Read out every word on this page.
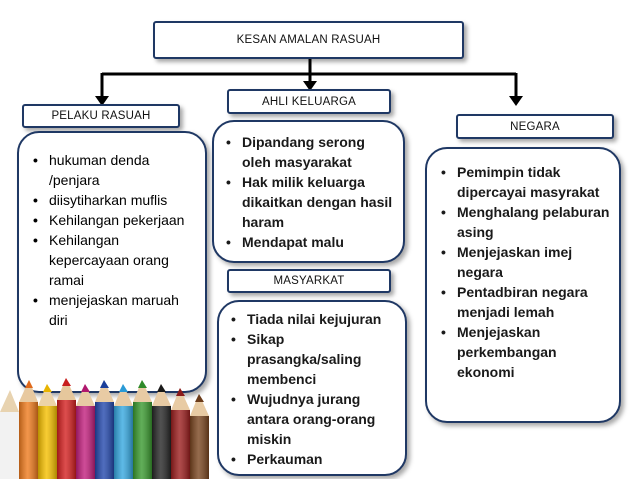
KESAN AMALAN RASUAH
PELAKU RASUAH
• hukuman denda /penjara
• diisytiharkan muflis
• Kehilangan pekerjaan
• Kehilangan kepercayaan orang ramai
• menjejaskan maruah diri
AHLI KELUARGA
• Dipandang serong oleh masyarakat
• Hak milik keluarga dikaitkan dengan hasil haram
• Mendapat malu
MASYARKAT
• Tiada nilai kejujuran
• Sikap prasangka/saling membenci
• Wujudnya jurang antara orang-orang miskin
• Perkauman
NEGARA
• Pemimpin tidak dipercayai masyrakat
• Menghalang pelaburan asing
• Menjejaskan imej negara
• Pentadbiran negara menjadi lemah
• Menjejaskan perkembangan ekonomi
